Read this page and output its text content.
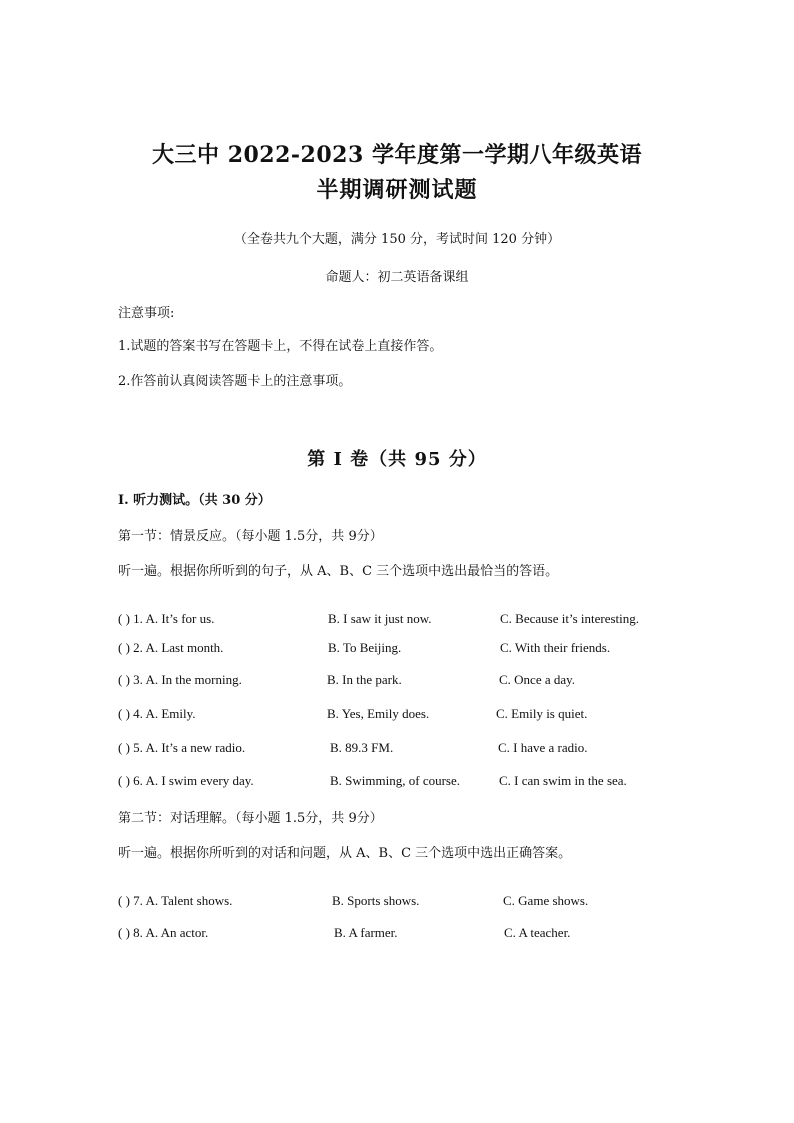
大三中 2022-2023 学年度第一学期八年级英语
半期调研测试题
（全卷共九个大题，满分 150 分，考试时间 120 分钟）
命题人：初二英语备课组
注意事项:
1.试题的答案书写在答题卡上，不得在试卷上直接作答。
2.作答前认真阅读答题卡上的注意事项。
第 I 卷（共 95 分）
I. 听力测试。（共 30 分）
第一节：情景反应。（每小题 1.5分，共 9分）
听一遍。根据你所听到的句子，从 A、B、C 三个选项中选出最恰当的答语。
( ) 1. A. It’s for us.	B. I saw it just now.	C. Because it’s interesting.
( ) 2. A. Last month.	B. To Beijing.	C. With their friends.
( ) 3. A. In the morning.	B. In the park.	C. Once a day.
( ) 4. A. Emily.	B. Yes, Emily does.	C. Emily is quiet.
( ) 5. A. It’s a new radio.	B. 89.3 FM.	C. I have a radio.
( ) 6. A. I swim every day.	B. Swimming, of course.	C. I can swim in the sea.
第二节：对话理解。（每小题 1.5分，共 9分）
听一遍。根据你所听到的对话和问题，从 A、B、C 三个选项中选出正确答案。
( ) 7. A. Talent shows.	B. Sports shows.	C. Game shows.
( ) 8. A. An actor.	B. A farmer.	C. A teacher.
